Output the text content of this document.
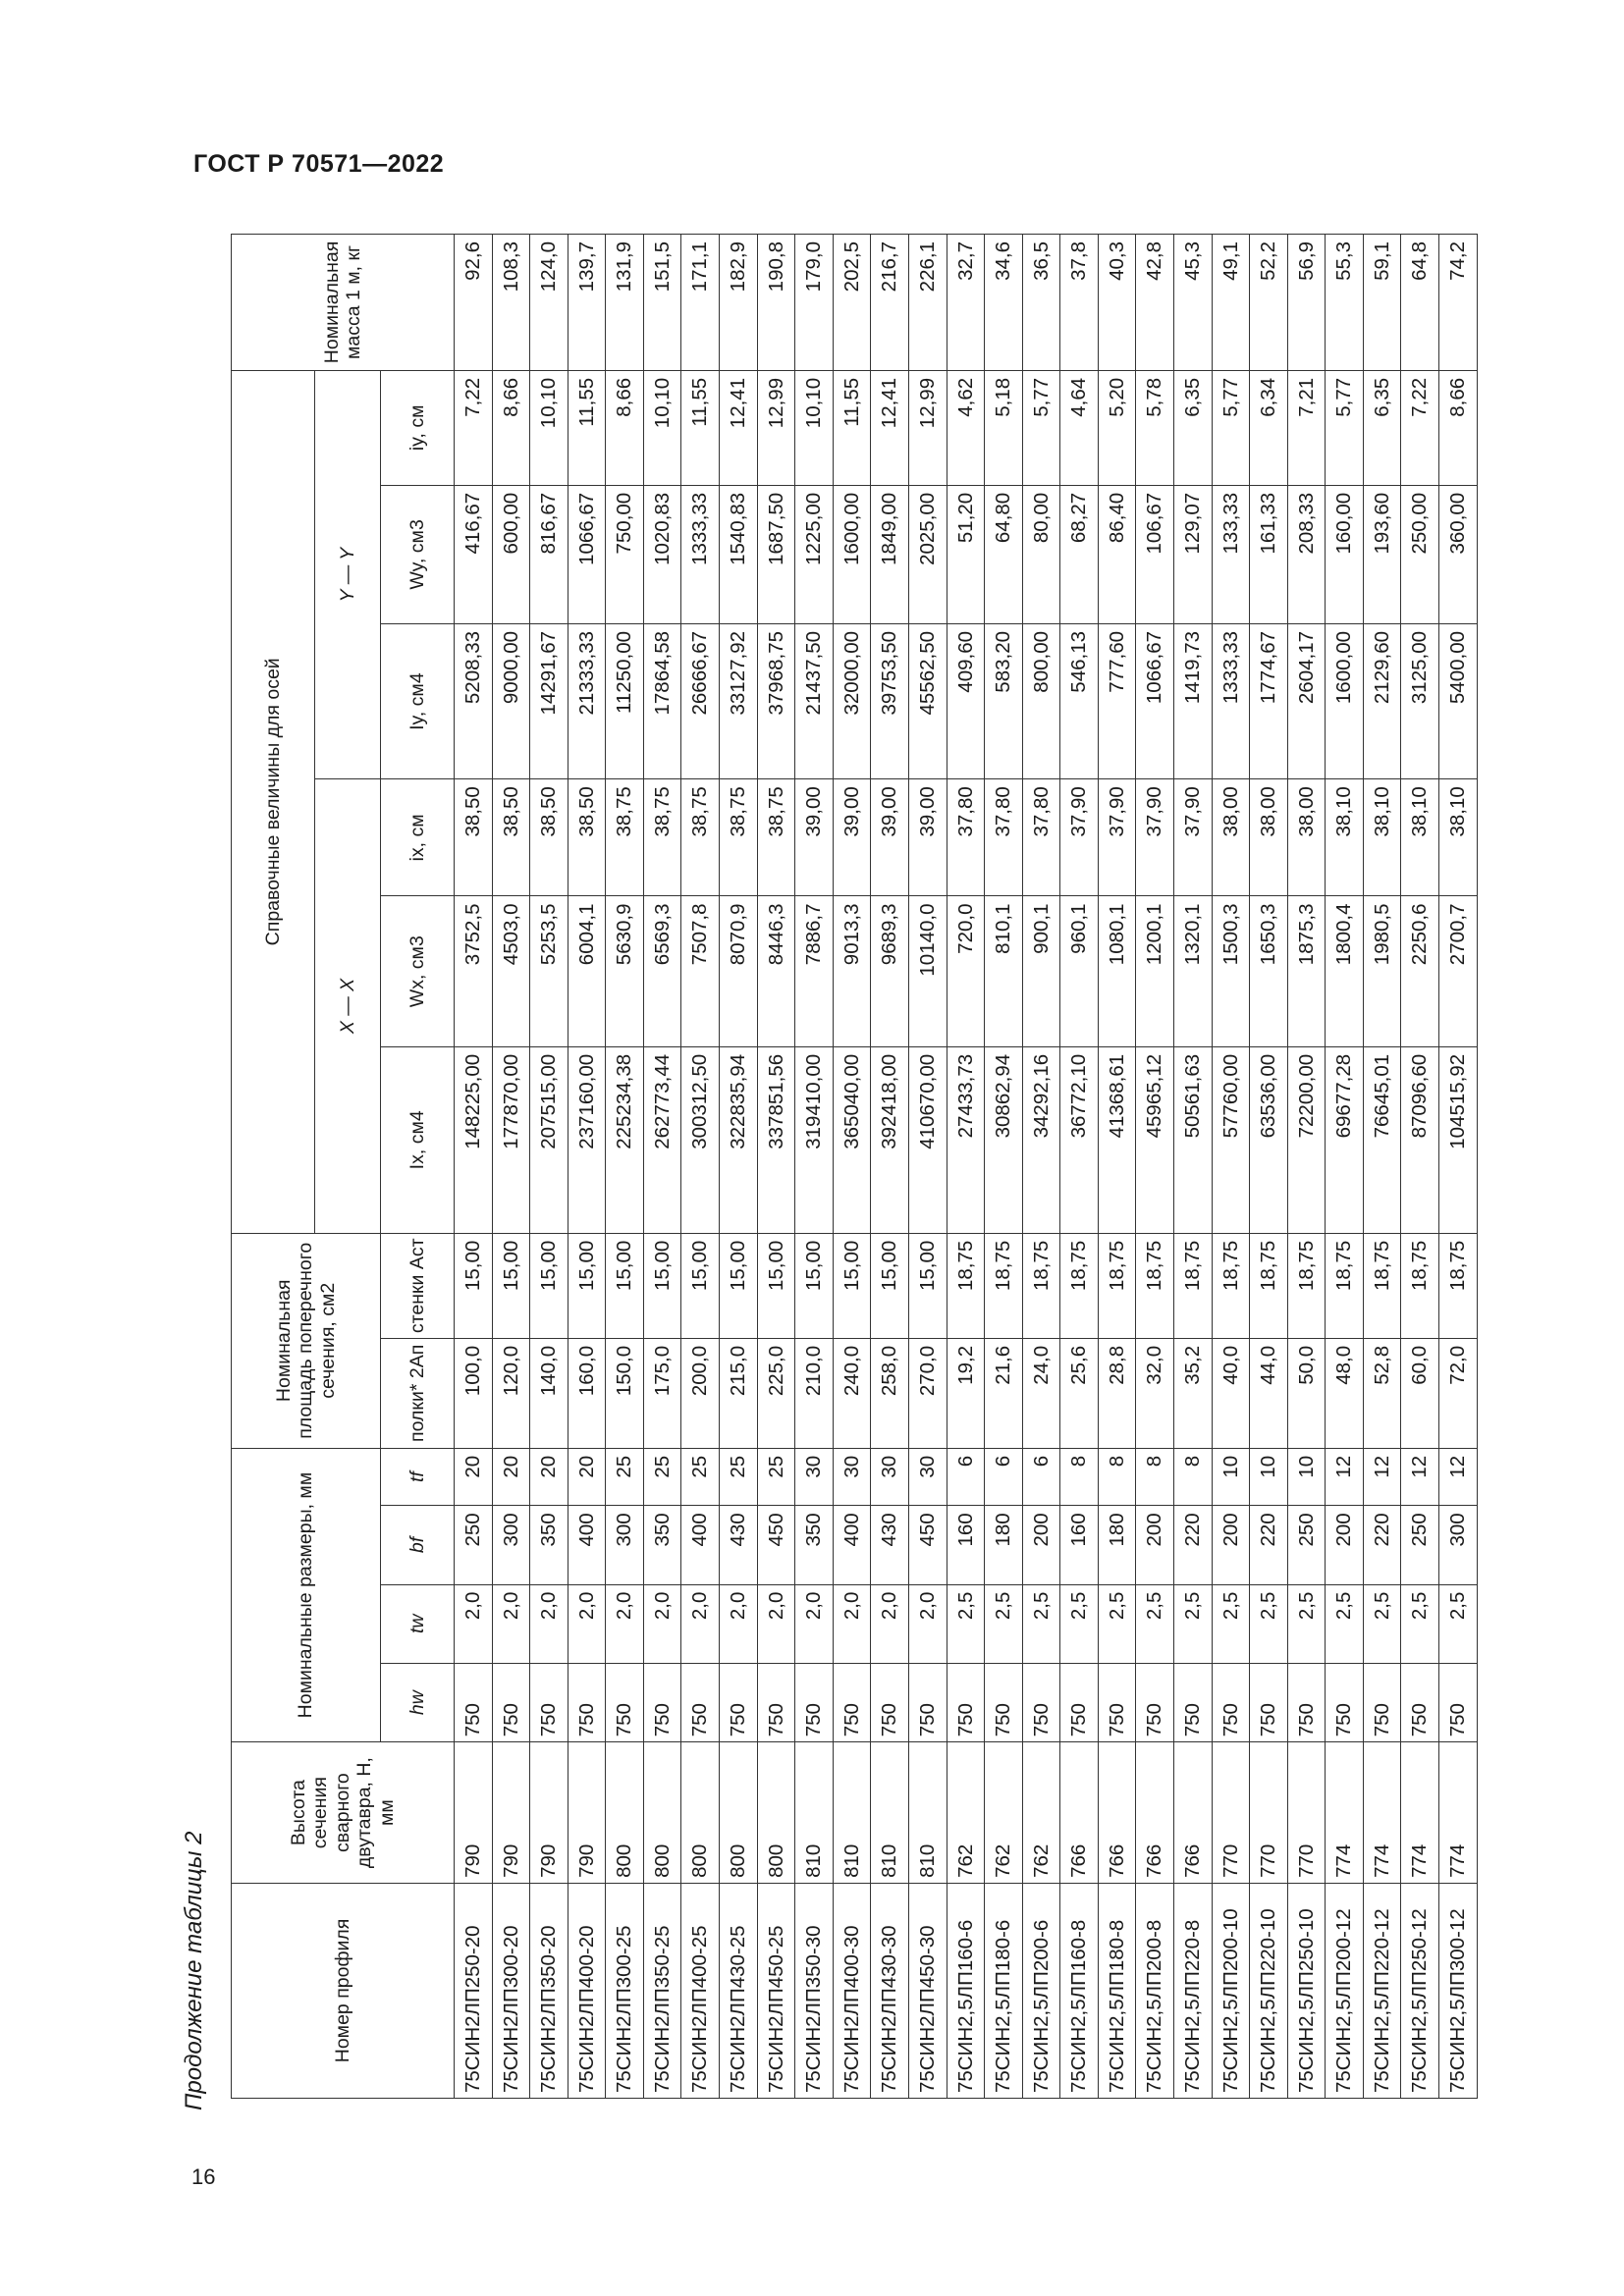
ГОСТ Р 70571—2022
16
Продолжение таблицы 2	Номер профиля	Высота сечения сварного двутавра, H, мм	Номинальные размеры, мм				Номинальная площадь поперечного сечения, см2		Справочные величины для осей						Номинальная масса 1 м, кг
								X — X			Y — Y			
		hw	tw	bf	tf	полки* 2Aп	стенки Aст	Ix, см4	Wx, см3	ix, см	Iy, см4	Wy, см3	iy, см	
75СИН2ЛП250-20	790	750	2,0	250	20	100,0	15,00	148225,00	3752,5	38,50	5208,33	416,67	7,22	92,6
75СИН2ЛП300-20	790	750	2,0	300	20	120,0	15,00	177870,00	4503,0	38,50	9000,00	600,00	8,66	108,3
75СИН2ЛП350-20	790	750	2,0	350	20	140,0	15,00	207515,00	5253,5	38,50	14291,67	816,67	10,10	124,0
75СИН2ЛП400-20	790	750	2,0	400	20	160,0	15,00	237160,00	6004,1	38,50	21333,33	1066,67	11,55	139,7
75СИН2ЛП300-25	800	750	2,0	300	25	150,0	15,00	225234,38	5630,9	38,75	11250,00	750,00	8,66	131,9
75СИН2ЛП350-25	800	750	2,0	350	25	175,0	15,00	262773,44	6569,3	38,75	17864,58	1020,83	10,10	151,5
75СИН2ЛП400-25	800	750	2,0	400	25	200,0	15,00	300312,50	7507,8	38,75	26666,67	1333,33	11,55	171,1
75СИН2ЛП430-25	800	750	2,0	430	25	215,0	15,00	322835,94	8070,9	38,75	33127,92	1540,83	12,41	182,9
75СИН2ЛП450-25	800	750	2,0	450	25	225,0	15,00	337851,56	8446,3	38,75	37968,75	1687,50	12,99	190,8
75СИН2ЛП350-30	810	750	2,0	350	30	210,0	15,00	319410,00	7886,7	39,00	21437,50	1225,00	10,10	179,0
75СИН2ЛП400-30	810	750	2,0	400	30	240,0	15,00	365040,00	9013,3	39,00	32000,00	1600,00	11,55	202,5
75СИН2ЛП430-30	810	750	2,0	430	30	258,0	15,00	392418,00	9689,3	39,00	39753,50	1849,00	12,41	216,7
75СИН2ЛП450-30	810	750	2,0	450	30	270,0	15,00	410670,00	10140,0	39,00	45562,50	2025,00	12,99	226,1
75СИН2,5ЛП160-6	762	750	2,5	160	6	19,2	18,75	27433,73	720,0	37,80	409,60	51,20	4,62	32,7
75СИН2,5ЛП180-6	762	750	2,5	180	6	21,6	18,75	30862,94	810,1	37,80	583,20	64,80	5,18	34,6
75СИН2,5ЛП200-6	762	750	2,5	200	6	24,0	18,75	34292,16	900,1	37,80	800,00	80,00	5,77	36,5
75СИН2,5ЛП160-8	766	750	2,5	160	8	25,6	18,75	36772,10	960,1	37,90	546,13	68,27	4,64	37,8
75СИН2,5ЛП180-8	766	750	2,5	180	8	28,8	18,75	41368,61	1080,1	37,90	777,60	86,40	5,20	40,3
75СИН2,5ЛП200-8	766	750	2,5	200	8	32,0	18,75	45965,12	1200,1	37,90	1066,67	106,67	5,78	42,8
75СИН2,5ЛП220-8	766	750	2,5	220	8	35,2	18,75	50561,63	1320,1	37,90	1419,73	129,07	6,35	45,3
75СИН2,5ЛП200-10	770	750	2,5	200	10	40,0	18,75	57760,00	1500,3	38,00	1333,33	133,33	5,77	49,1
75СИН2,5ЛП220-10	770	750	2,5	220	10	44,0	18,75	63536,00	1650,3	38,00	1774,67	161,33	6,34	52,2
75СИН2,5ЛП250-10	770	750	2,5	250	10	50,0	18,75	72200,00	1875,3	38,00	2604,17	208,33	7,21	56,9
75СИН2,5ЛП200-12	774	750	2,5	200	12	48,0	18,75	69677,28	1800,4	38,10	1600,00	160,00	5,77	55,3
75СИН2,5ЛП220-12	774	750	2,5	220	12	52,8	18,75	76645,01	1980,5	38,10	2129,60	193,60	6,35	59,1
75СИН2,5ЛП250-12	774	750	2,5	250	12	60,0	18,75	87096,60	2250,6	38,10	3125,00	250,00	7,22	64,8
75СИН2,5ЛП300-12	774	750	2,5	300	12	72,0	18,75	104515,92	2700,7	38,10	5400,00	360,00	8,66	74,2
